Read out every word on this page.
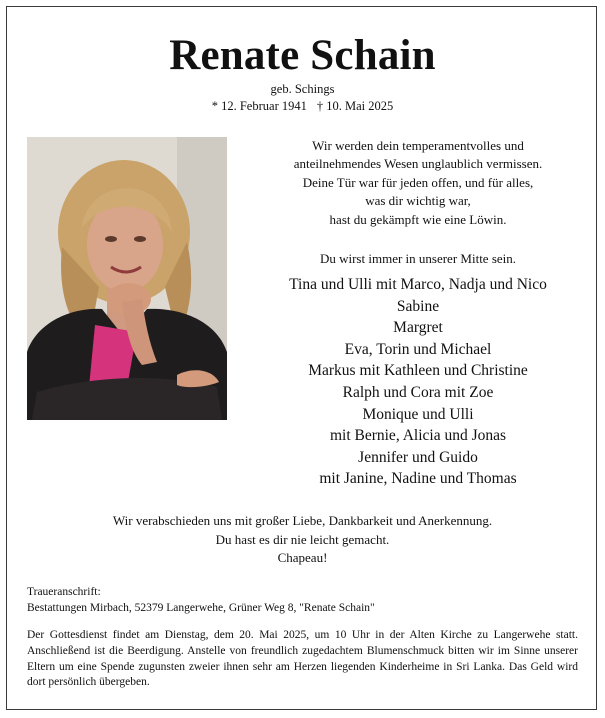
Renate Schain
geb. Schings
* 12. Februar 1941 † 10. Mai 2025
Wir werden dein temperamentvolles und
anteilnehmendes Wesen unglaublich vermissen.
Deine Tür war für jeden offen, und für alles,
was dir wichtig war,
hast du gekämpft wie eine Löwin.
Du wirst immer in unserer Mitte sein.
Tina und Ulli mit Marco, Nadja und Nico
Sabine
Margret
Eva, Torin und Michael
Markus mit Kathleen und Christine
Ralph und Cora mit Zoe
Monique und Ulli
mit Bernie, Alicia und Jonas
Jennifer und Guido
mit Janine, Nadine und Thomas
Wir verabschieden uns mit großer Liebe, Dankbarkeit und Anerkennung.
Du hast es dir nie leicht gemacht.
Chapeau!
Traueranschrift:
Bestattungen Mirbach, 52379 Langerwehe, Grüner Weg 8, "Renate Schain"
Der Gottesdienst findet am Dienstag, dem 20. Mai 2025, um 10 Uhr in der Alten Kirche zu Langerwehe statt. Anschließend ist die Beerdigung. Anstelle von freundlich zugedachtem Blumenschmuck bitten wir im Sinne unserer Eltern um eine Spende zugunsten zweier ihnen sehr am Herzen liegenden Kinderheime in Sri Lanka. Das Geld wird dort persönlich übergeben.
